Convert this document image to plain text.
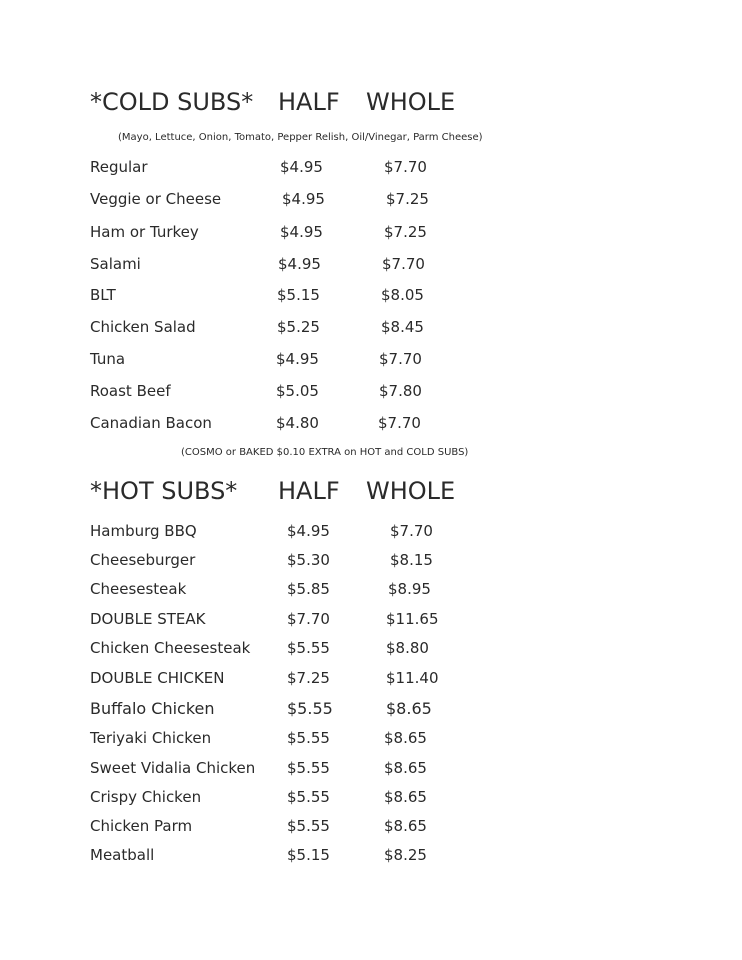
*COLD SUBS* HALF WHOLE
(Mayo, Lettuce, Onion, Tomato, Pepper Relish, Oil/Vinegar, Parm Cheese)
Regular	$4.95	$7.70
Veggie or Cheese	$4.95	$7.25
Ham or Turkey	$4.95	$7.25
Salami	$4.95	$7.70
BLT	$5.15	$8.05
Chicken Salad	$5.25	$8.45
Tuna	$4.95	$7.70
Roast Beef	$5.05	$7.80
Canadian Bacon	$4.80	$7.70
(COSMO or BAKED $0.10 EXTRA on HOT and COLD SUBS)
*HOT SUBS* HALF WHOLE
Hamburg BBQ	$4.95	$7.70
Cheeseburger	$5.30	$8.15
Cheesesteak	$5.85	$8.95
DOUBLE STEAK	$7.70	$11.65
Chicken Cheesesteak $5.55	$8.80
DOUBLE CHICKEN	$7.25	$11.40
Buffalo Chicken	$5.55	$8.65
Teriyaki Chicken	$5.55	$8.65
Sweet Vidalia Chicken $5.55	$8.65
Crispy Chicken	$5.55	$8.65
Chicken Parm	$5.55	$8.65
Meatball	$5.15	$8.25
